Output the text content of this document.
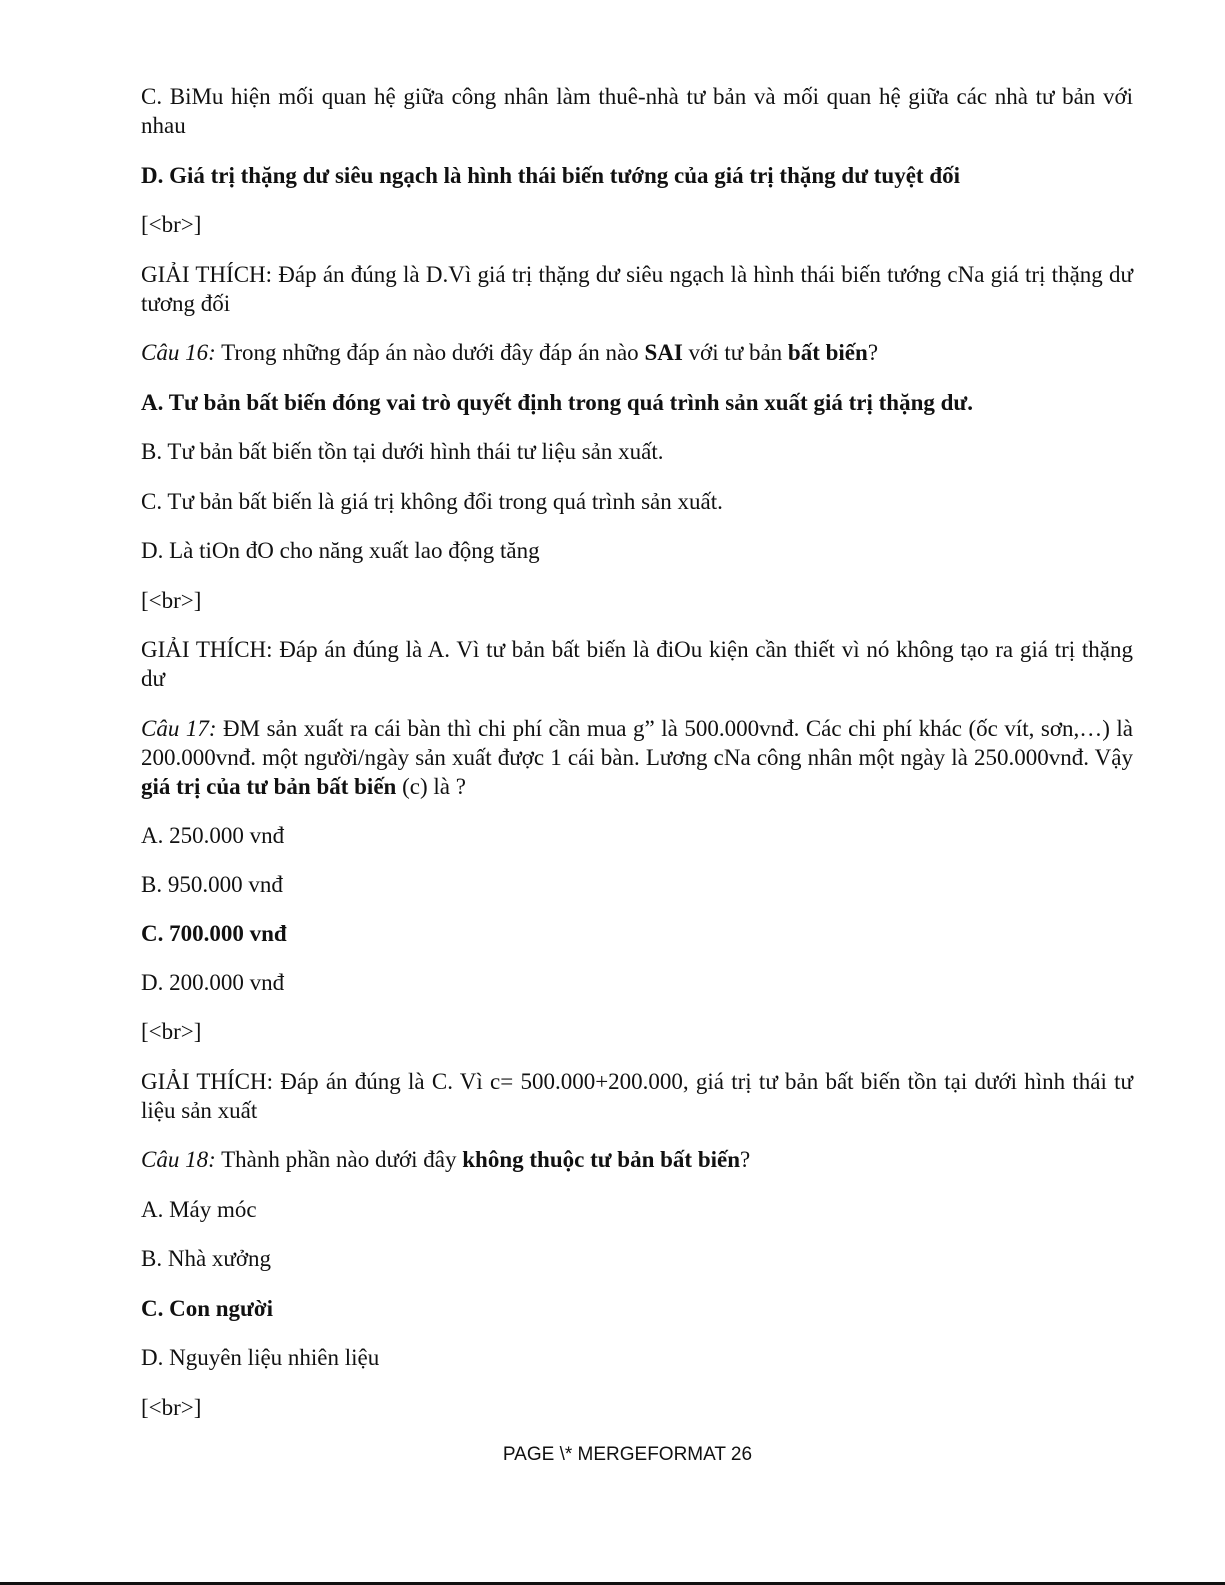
C. BiMu hiện mối quan hệ giữa công nhân làm thuê-nhà tư bản và mối quan hệ giữa các nhà tư bản với nhau

D. Giá trị thặng dư siêu ngạch là hình thái biến tướng của giá trị thặng dư tuyệt đối

[<br>]

GIẢI THÍCH: Đáp án đúng là D.Vì giá trị thặng dư siêu ngạch là hình thái biến tướng cNa giá trị thặng dư tương đối

Câu 16: Trong những đáp án nào dưới đây đáp án nào SAI với tư bản bất biến?

A. Tư bản bất biến đóng vai trò quyết định trong quá trình sản xuất giá trị thặng dư.

B. Tư bản bất biến tồn tại dưới hình thái tư liệu sản xuất.

C. Tư bản bất biến là giá trị không đổi trong quá trình sản xuất.

D. Là tiOn đO cho năng xuất lao động tăng

[<br>]

GIẢI THÍCH: Đáp án đúng là A. Vì tư bản bất biến là điOu kiện cần thiết vì nó không tạo ra giá trị thặng dư

Câu 17: ĐM sản xuất ra cái bàn thì chi phí cần mua g” là 500.000vnđ. Các chi phí khác (ốc vít, sơn,…) là 200.000vnđ. một người/ngày sản xuất được 1 cái bàn. Lương cNa công nhân một ngày là 250.000vnđ. Vậy giá trị của tư bản bất biến (c) là ?

A. 250.000 vnđ

B. 950.000 vnđ

C. 700.000 vnđ

D. 200.000 vnđ

[<br>]

GIẢI THÍCH: Đáp án đúng là C. Vì c= 500.000+200.000, giá trị tư bản bất biến tồn tại dưới hình thái tư liệu sản xuất

Câu 18: Thành phần nào dưới đây không thuộc tư bản bất biến?

A. Máy móc

B. Nhà xưởng

C. Con người

D. Nguyên liệu nhiên liệu

[<br>]

PAGE \* MERGEFORMAT 26
